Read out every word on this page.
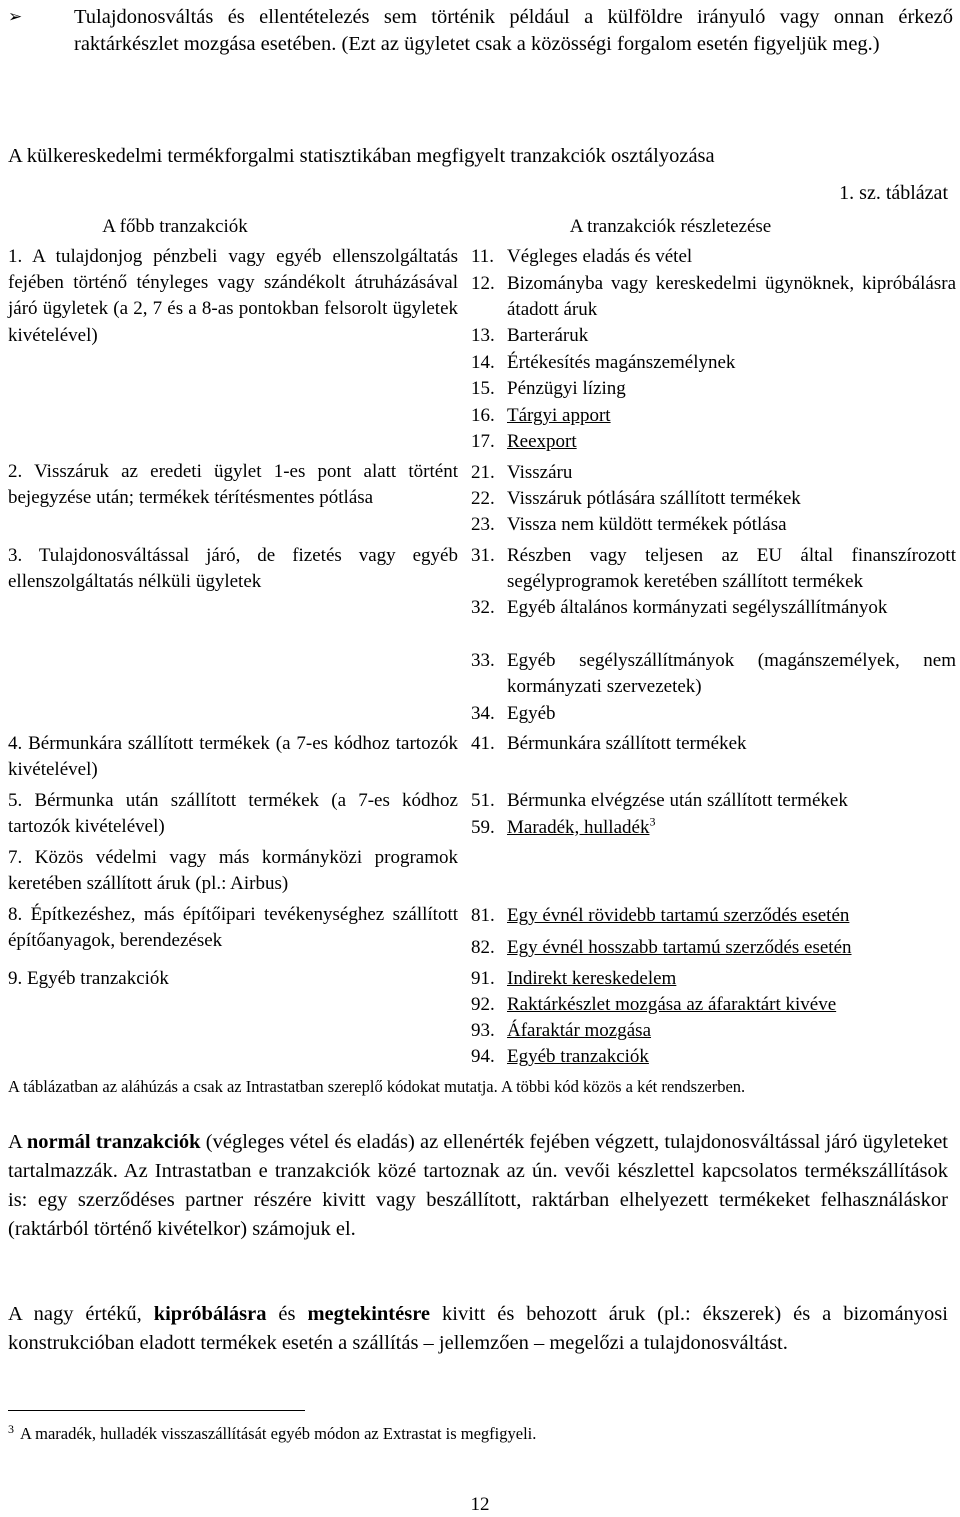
➢	Tulajdonosváltás és ellentételezés sem történik például a külföldre irányuló vagy onnan érkező raktárkészlet mozgása esetében. (Ezt az ügyletet csak a közösségi forgalom esetén figyeljük meg.)
A külkereskedelmi termékforgalmi statisztikában megfigyelt tranzakciók osztályozása
1. sz. táblázat
A főbb tranzakciók	A tranzakciók részletezése
1. A tulajdonjog pénzbeli vagy egyéb ellenszolgáltatás fejében történő tényleges vagy szándékolt átruházásával járó ügyletek (a 2, 7 és a 8-as pontokban felsorolt ügyletek kivételével)
2. Visszáruk az eredeti ügylet 1-es pont alatt történt bejegyzése után; termékek térítésmentes pótlása
3. Tulajdonosváltással járó, de fizetés vagy egyéb ellenszolgáltatás nélküli ügyletek
4. Bérmunkára szállított termékek (a 7-es kódhoz tartozók kivételével)
5. Bérmunka után szállított termékek (a 7-es kódhoz tartozók kivételével)
7. Közös védelmi vagy más kormányközi programok keretében szállított áruk (pl.: Airbus)
8. Építkezéshez, más építőipari tevékenységhez szállított építőanyagok, berendezések
9. Egyéb tranzakciók
11. Végleges eladás és vétel
12. Bizományba vagy kereskedelmi ügynöknek, kipróbálásra átadott áruk
13. Barteráruk
14. Értékesítés magánszemélynek
15. Pénzügyi lízing
16. Tárgyi apport
17. Reexport
21. Visszáru
22. Visszáruk pótlására szállított termékek
23. Vissza nem küldött termékek pótlása
31. Részben vagy teljesen az EU által finanszírozott segélyprogramok keretében szállított termékek
32. Egyéb általános kormányzati segélyszállítmányok
33. Egyéb segélyszállítmányok (magánszemélyek, nem kormányzati szervezetek)
34. Egyéb
41. Bérmunkára szállított termékek
51. Bérmunka elvégzése után szállított termékek
59. Maradék, hulladék$^3$
81. Egy évnél rövidebb tartamú szerződés esetén
82. Egy évnél hosszabb tartamú szerződés esetén
91. Indirekt kereskedelem
92. Raktárkészlet mozgása az áfaraktárt kivéve
93. Áfaraktár mozgása
94. Egyéb tranzakciók
A táblázatban az aláhúzás a csak az Intrastatban szereplő kódokat mutatja. A többi kód közös a két rendszerben.
A normál tranzakciók (végleges vétel és eladás) az ellenérték fejében végzett, tulajdonosváltással járó ügyleteket tartalmazzák. Az Intrastatban e tranzakciók közé tartoznak az ún. vevői készlettel kapcsolatos termékszállítások is: egy szerződéses partner részére kivitt vagy beszállított, raktárban elhelyezett termékeket felhasználáskor (raktárból történő kivételkor) számojuk el.
A nagy értékű, kipróbálásra és megtekintésre kivitt és behozott áruk (pl.: ékszerek) és a bizományosi konstrukcióban eladott termékek esetén a szállítás – jellemzően – megelőzi a tulajdonosváltást.
$^3$ A maradék, hulladék visszaszállítását egyéb módon az Extrastat is megfigyeli.
12
